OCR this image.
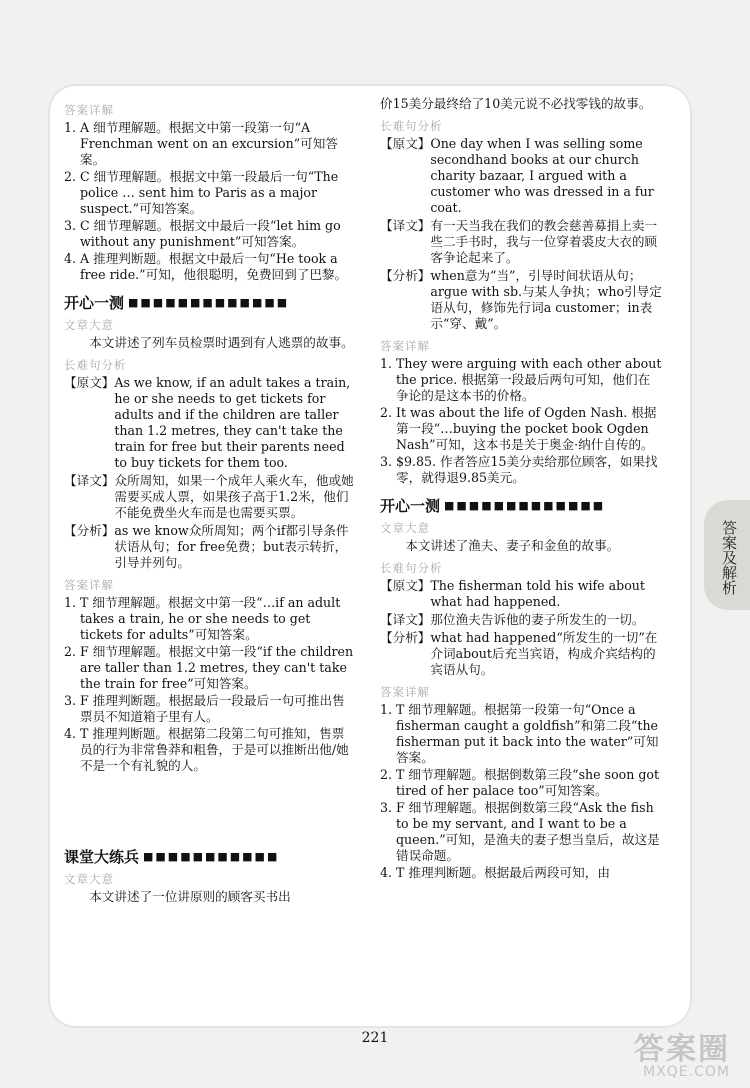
答案详解

1. A 细节理解题。根据文中第一段第一句“A Frenchman went on an excursion”可知答案。

2. C 细节理解题。根据文中第一段最后一句“The police … sent him to Paris as a major suspect.”可知答案。

3. C 细节理解题。根据文中最后一段“let him go without any punishment”可知答案。

4. A 推理判断题。根据文中最后一句“He took a free ride.”可知，他很聪明，免费回到了巴黎。

开心一测 ■■■■■■■■■■■■■
文章大意

本文讲述了列车员检票时遇到有人逃票的故事。

长难句分析
【原文】 As we know, if an adult takes a train, he or she needs to get tickets for adults and if the children are taller than 1.2 metres, they can't take the train for free but their parents need to buy tickets for them too.
【译文】 众所周知，如果一个成年人乘火车，他或她需要买成人票，如果孩子高于1.2米，他们不能免费坐火车而是也需要买票。
【分析】 as we know众所周知；两个if都引导条件状语从句；for free免费；but表示转折，引导并列句。
答案详解

1. T 细节理解题。根据文中第一段“…if an adult takes a train, he or she needs to get tickets for adults”可知答案。

2. F 细节理解题。根据文中第一段“if the children are taller than 1.2 metres, they can't take the train for free”可知答案。

3. F 推理判断题。根据最后一段最后一句可推出售票员不知道箱子里有人。

4. T 推理判断题。根据第二段第二句可推知，售票员的行为非常鲁莽和粗鲁，于是可以推断出他/她不是一个有礼貌的人。

课堂大练兵 ■■■■■■■■■■■
文章大意

本文讲述了一位讲原则的顾客买书出

价15美分最终给了10美元说不必找零钱的故事。

长难句分析
【原文】 One day when I was selling some secondhand books at our church charity bazaar, I argued with a customer who was dressed in a fur coat.
【译文】 有一天当我在我们的教会慈善募捐上卖一些二手书时，我与一位穿着裘皮大衣的顾客争论起来了。
【分析】 when意为“当”，引导时间状语从句；argue with sb.与某人争执；who引导定语从句，修饰先行词a customer；in表示“穿、戴”。
答案详解

1. They were arguing with each other about the price. 根据第一段最后两句可知，他们在争论的是这本书的价格。

2. It was about the life of Ogden Nash. 根据第一段“…buying the pocket book Ogden Nash”可知，这本书是关于奥金·纳什自传的。

3. $9.85. 作者答应15美分卖给那位顾客，如果找零，就得退9.85美元。

开心一测 ■■■■■■■■■■■■■
文章大意

本文讲述了渔夫、妻子和金鱼的故事。

长难句分析
【原文】 The fisherman told his wife about what had happened.
【译文】 那位渔夫告诉他的妻子所发生的一切。
【分析】 what had happened“所发生的一切”在介词about后充当宾语，构成介宾结构的宾语从句。
答案详解

1. T 细节理解题。根据第一段第一句“Once a fisherman caught a goldfish”和第二段“the fisherman put it back into the water”可知答案。

2. T 细节理解题。根据倒数第三段“she soon got tired of her palace too”可知答案。

3. F 细节理解题。根据倒数第三段“Ask the fish to be my servant, and I want to be a queen.”可知，是渔夫的妻子想当皇后，故这是错误命题。

4. T 推理判断题。根据最后两段可知，由

答案及解析
221	答案圈
MXQE.COM
